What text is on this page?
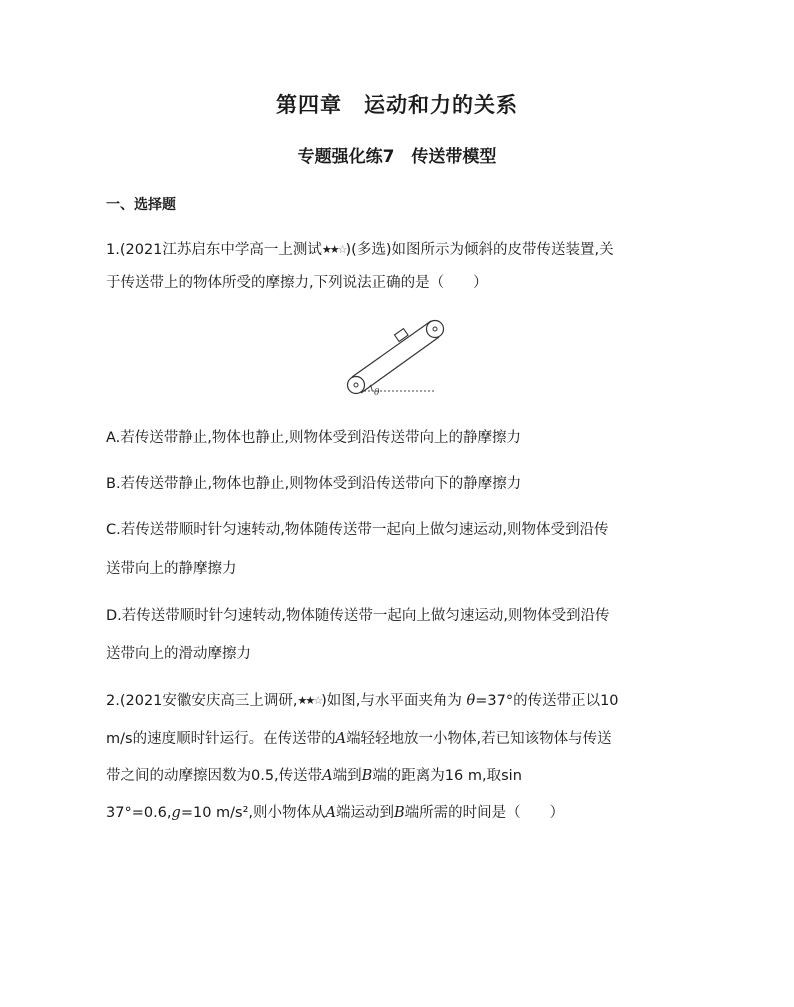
第四章　运动和力的关系
专题强化练7　传送带模型
一、选择题
1.(2021江苏启东中学高一上测试★★☆)(多选)如图所示为倾斜的皮带传送装置,关
于传送带上的物体所受的摩擦力,下列说法正确的是（　　）
θ
A.若传送带静止,物体也静止,则物体受到沿传送带向上的静摩擦力
B.若传送带静止,物体也静止,则物体受到沿传送带向下的静摩擦力
C.若传送带顺时针匀速转动,物体随传送带一起向上做匀速运动,则物体受到沿传
送带向上的静摩擦力
D.若传送带顺时针匀速转动,物体随传送带一起向上做匀速运动,则物体受到沿传
送带向上的滑动摩擦力
2.(2021安徽安庆高三上调研,★★☆)如图,与水平面夹角为 θ=37°的传送带正以10
m/s的速度顺时针运行。在传送带的A端轻轻地放一小物体,若已知该物体与传送
带之间的动摩擦因数为0.5,传送带A端到B端的距离为16 m,取sin
37°=0.6,g=10 m/s²,则小物体从A端运动到B端所需的时间是（　　）
